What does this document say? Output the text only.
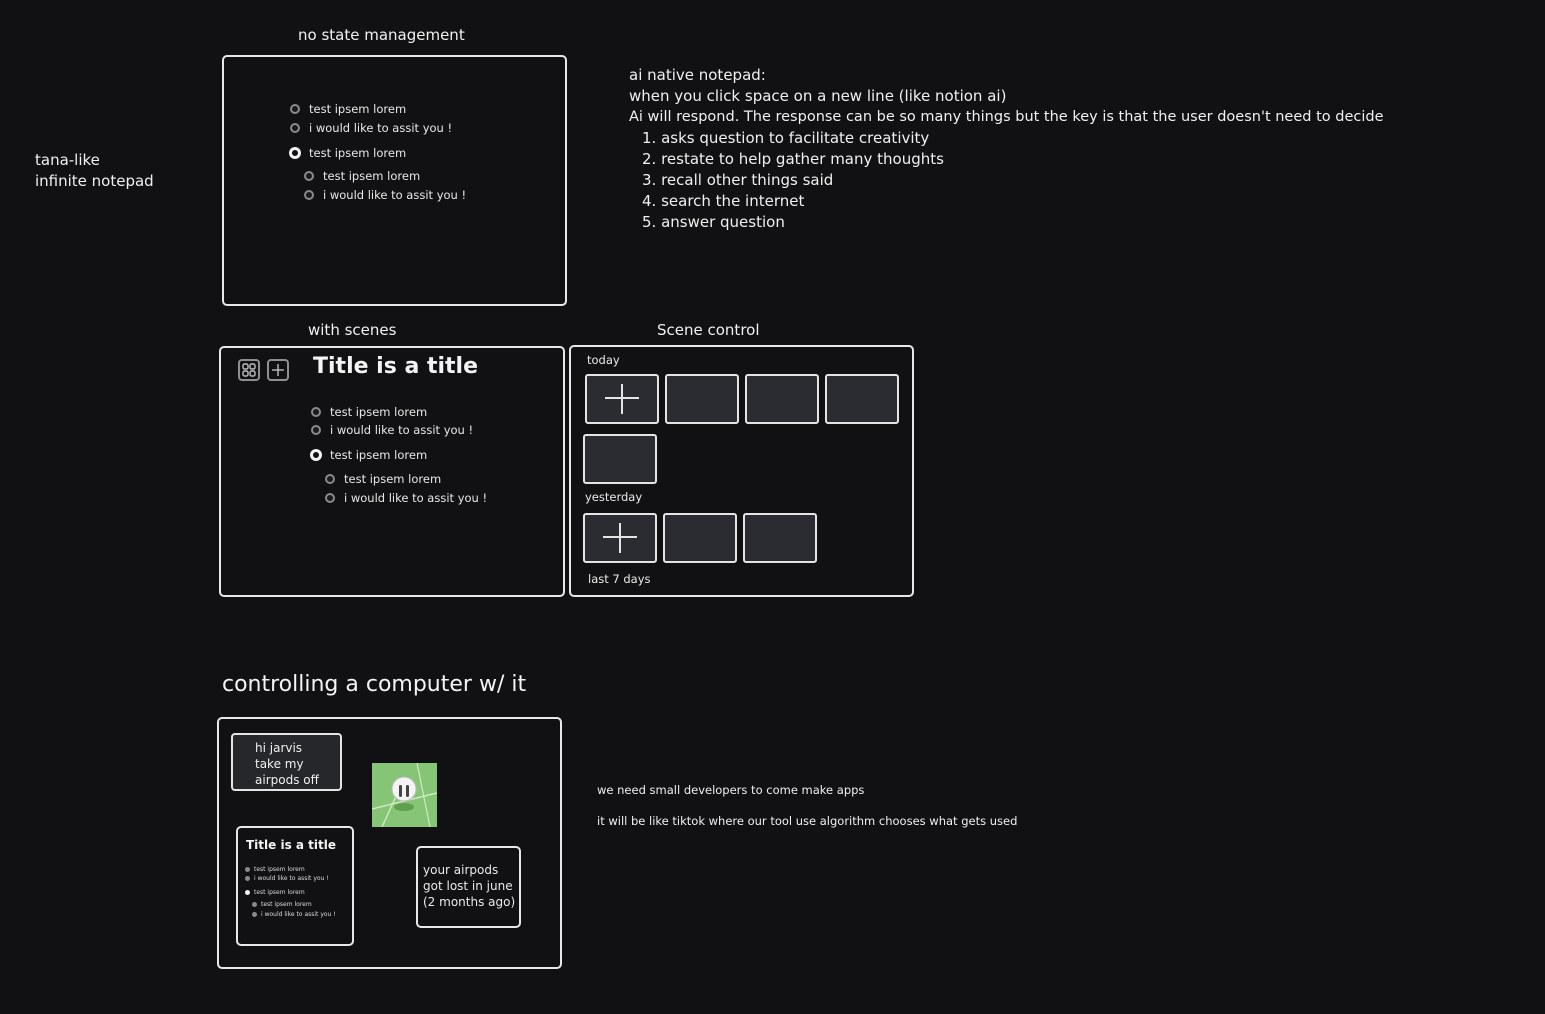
tana-like
infinite notepad
no state management
test ipsem lorem
i would like to assit you !
test ipsem lorem
test ipsem lorem
i would like to assit you !
ai native notepad:
when you click space on a new line (like notion ai)
Ai will respond. The response can be so many things but the key is that the user doesn't need to decide
1. asks question to facilitate creativity
2. restate to help gather many thoughts
3. recall other things said
4. search the internet
5. answer question
with scenes
Title is a title
test ipsem lorem
i would like to assit you !
test ipsem lorem
test ipsem lorem
i would like to assit you !
Scene control
today
yesterday
last 7 days
controlling a computer w/ it
hi jarvis
take my
airpods off
Title is a title
test ipsem lorem
i would like to assit you !
test ipsem lorem
test ipsem lorem
i would like to assit you !
your airpods
got lost in june
(2 months ago)
we need small developers to come make apps
it will be like tiktok where our tool use algorithm chooses what gets used
